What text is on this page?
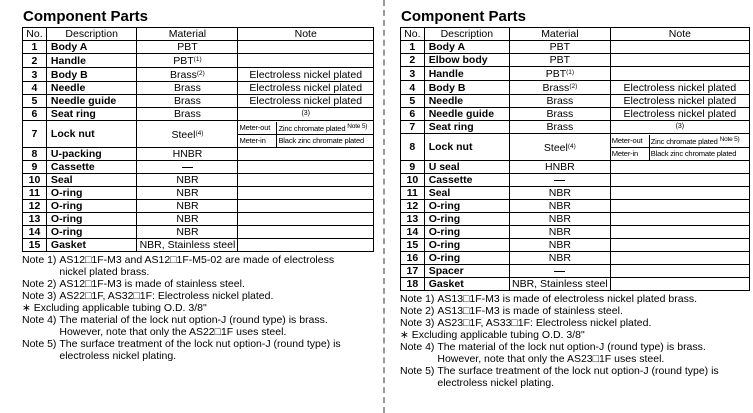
Component Parts
No.	Description	Material	Note
1	Body A	PBT	
2	Handle	PBT$^{(1)}$	
3	Body B	Brass$^{(2)}$	Electroless nickel plated
4	Needle	Brass	Electroless nickel plated
5	Needle guide	Brass	Electroless nickel plated
6	Seat ring	Brass	(3)
7	Lock nut	Steel$^{(4)}$	
Meter-out	Zinc chromate plated Note 5)
Meter-in	Black zinc chromate plated

8	U-packing	HNBR	
9	Cassette		
10	Seal	NBR	
11	O-ring	NBR	
12	O-ring	NBR	
13	O-ring	NBR	
14	O-ring	NBR	
15	Gasket	NBR, Stainless steel	
Note 1) AS12□1F-M3 and AS12□1F-M5-02 are made of electroless
nickel plated brass.
Note 2) AS12□1F-M3 is made of stainless steel.
Note 3) AS22□1F, AS32□1F: Electroless nickel plated.
∗ Excluding applicable tubing O.D. 3/8"
Note 4) The material of the lock nut option-J (round type) is brass.
However, note that only the AS22□1F uses steel.
Note 5) The surface treatment of the lock nut option-J (round type) is
electroless nickel plating.
Component Parts
No.	Description	Material	Note
1	Body A	PBT	
2	Elbow body	PBT	
3	Handle	PBT$^{(1)}$	
4	Body B	Brass$^{(2)}$	Electroless nickel plated
5	Needle	Brass	Electroless nickel plated
6	Needle guide	Brass	Electroless nickel plated
7	Seat ring	Brass	(3)
8	Lock nut	Steel$^{(4)}$	
Meter-out	Zinc chromate plated Note 5)
Meter-in	Black zinc chromate plated

9	U seal	HNBR	
10	Cassette		
11	Seal	NBR	
12	O-ring	NBR	
13	O-ring	NBR	
14	O-ring	NBR	
15	O-ring	NBR	
16	O-ring	NBR	
17	Spacer		
18	Gasket	NBR, Stainless steel	
Note 1) AS13□1F-M3 is made of electroless nickel plated brass.
Note 2) AS13□1F-M3 is made of stainless steel.
Note 3) AS23□1F, AS33□1F: Electroless nickel plated.
∗ Excluding applicable tubing O.D. 3/8"
Note 4) The material of the lock nut option-J (round type) is brass.
However, note that only the AS23□1F uses steel.
Note 5) The surface treatment of the lock nut option-J (round type) is
electroless nickel plating.
